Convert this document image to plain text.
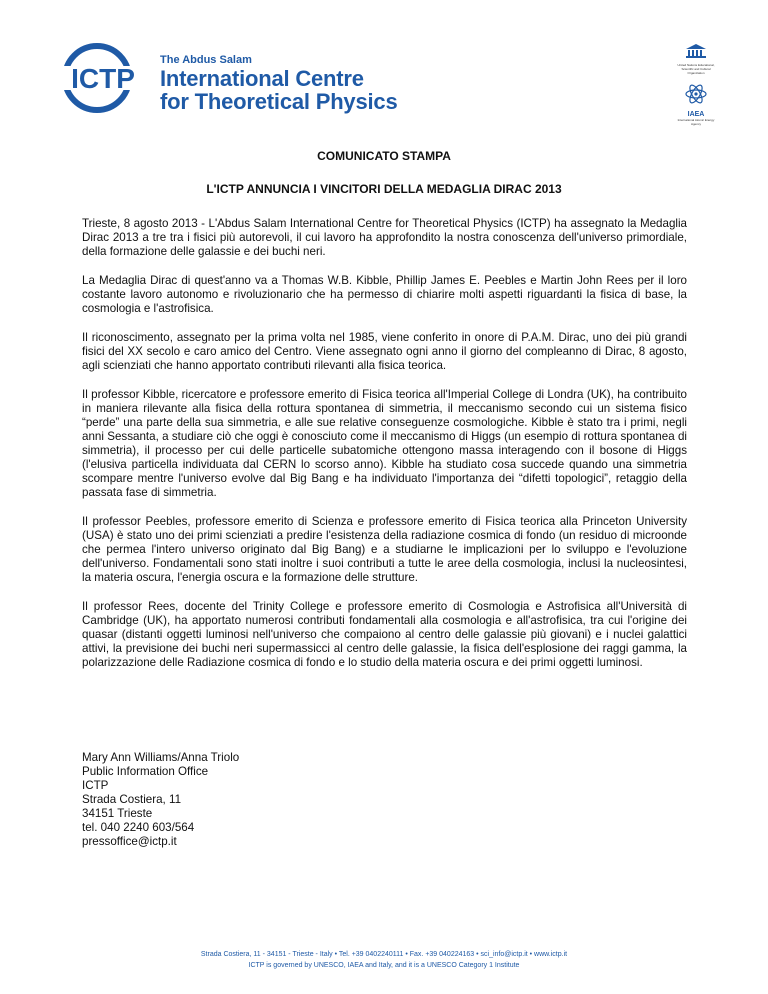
ICTP
The Abdus Salam
International Centre
for Theoretical Physics
United Nations Educational, Scientific and Cultural Organization
IAEA
International Atomic Energy Agency
COMUNICATO STAMPA
L'ICTP ANNUNCIA I VINCITORI DELLA MEDAGLIA DIRAC 2013

Trieste, 8 agosto 2013 - L'Abdus Salam International Centre for Theoretical Physics (ICTP) ha assegnato la Medaglia Dirac 2013 a tre tra i fisici più autorevoli, il cui lavoro ha approfondito la nostra conoscenza dell'universo primordiale, della formazione delle galassie e dei buchi neri.

La Medaglia Dirac di quest'anno va a Thomas W.B. Kibble, Phillip James E. Peebles e Martin John Rees per il loro costante lavoro autonomo e rivoluzionario che ha permesso di chiarire molti aspetti riguardanti la fisica di base, la cosmologia e l'astrofisica.

Il riconoscimento, assegnato per la prima volta nel 1985, viene conferito in onore di P.A.M. Dirac, uno dei più grandi fisici del XX secolo e caro amico del Centro. Viene assegnato ogni anno il giorno del compleanno di Dirac, 8 agosto, agli scienziati che hanno apportato contributi rilevanti alla fisica teorica.

Il professor Kibble, ricercatore e professore emerito di Fisica teorica all'Imperial College di Londra (UK), ha contribuito in maniera rilevante alla fisica della rottura spontanea di simmetria, il meccanismo secondo cui un sistema fisico “perde” una parte della sua simmetria, e alle sue relative conseguenze cosmologiche. Kibble è stato tra i primi, negli anni Sessanta, a studiare ciò che oggi è conosciuto come il meccanismo di Higgs (un esempio di rottura spontanea di simmetria), il processo per cui delle particelle subatomiche ottengono massa interagendo con il bosone di Higgs (l'elusiva particella individuata dal CERN lo scorso anno). Kibble ha studiato cosa succede quando una simmetria scompare mentre l'universo evolve dal Big Bang e ha individuato l'importanza dei “difetti topologici”, retaggio della passata fase di simmetria.

Il professor Peebles, professore emerito di Scienza e professore emerito di Fisica teorica alla Princeton University (USA) è stato uno dei primi scienziati a predire l'esistenza della radiazione cosmica di fondo (un residuo di microonde che permea l'intero universo originato dal Big Bang) e a studiarne le implicazioni per lo sviluppo e l'evoluzione dell'universo. Fondamentali sono stati inoltre i suoi contributi a tutte le aree della cosmologia, inclusi la nucleosintesi, la materia oscura, l'energia oscura e la formazione delle strutture.

Il professor Rees, docente del Trinity College e professore emerito di Cosmologia e Astrofisica all'Università di Cambridge (UK), ha apportato numerosi contributi fondamentali alla cosmologia e all'astrofisica, tra cui l'origine dei quasar (distanti oggetti luminosi nell'universo che compaiono al centro delle galassie più giovani) e i nuclei galattici attivi, la previsione dei buchi neri supermassicci al centro delle galassie, la fisica dell'esplosione dei raggi gamma, la polarizzazione delle Radiazione cosmica di fondo e lo studio della materia oscura e dei primi oggetti luminosi.

Mary Ann Williams/Anna Triolo
Public Information Office
ICTP
Strada Costiera, 11
34151 Trieste
tel. 040 2240 603/564
pressoffice@ictp.it
Strada Costiera, 11 - 34151 - Trieste - Italy • Tel. +39 0402240111 • Fax. +39 040224163 • sci_info@ictp.it • www.ictp.it
ICTP is governed by UNESCO, IAEA and Italy, and it is a UNESCO Category 1 Institute
